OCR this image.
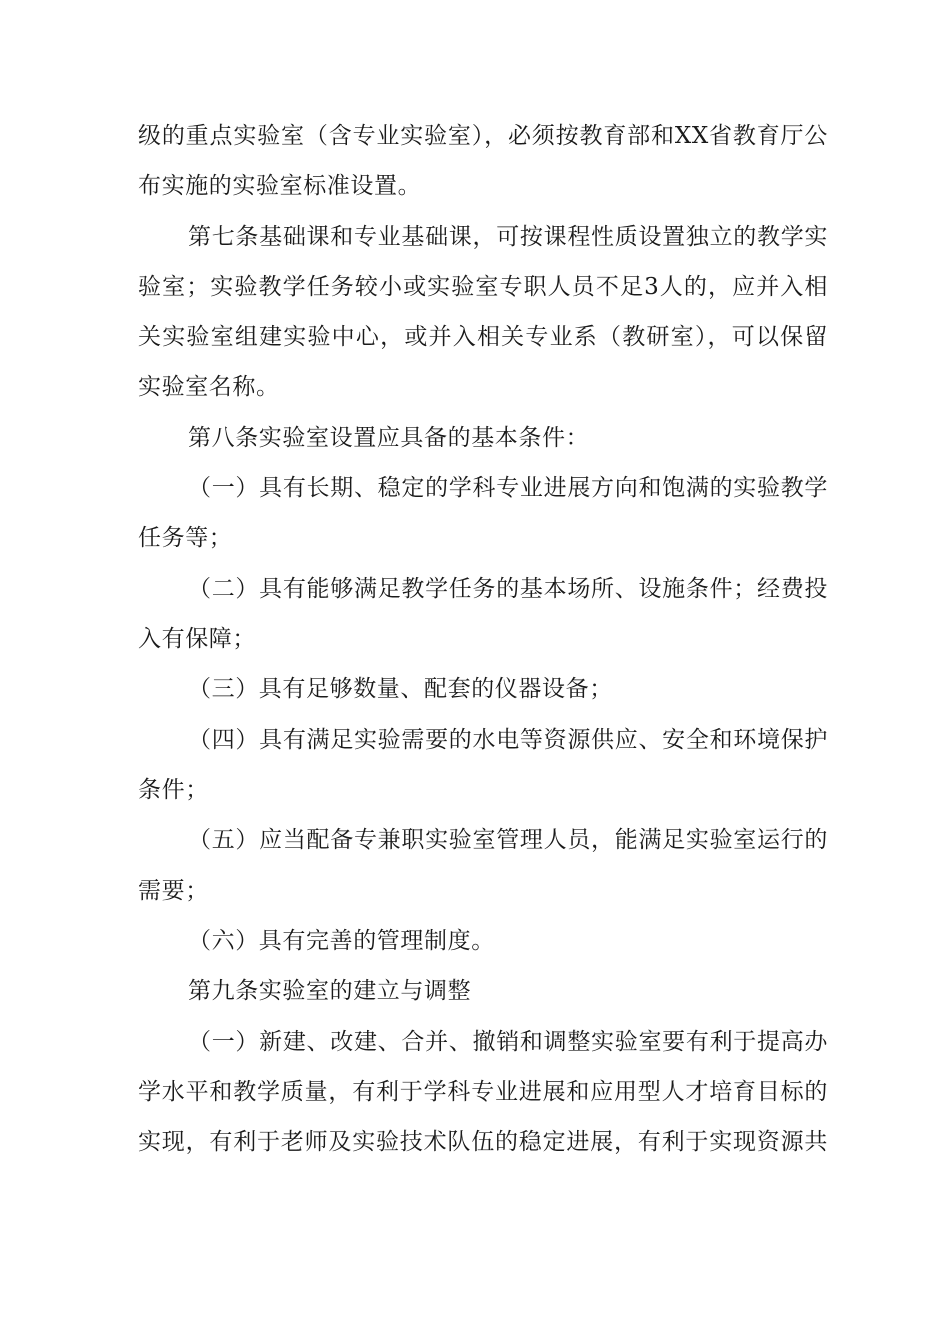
级的重点实验室（含专业实验室），必须按教育部和XX省教育厅公
布实施的实验室标准设置。
第七条基础课和专业基础课，可按课程性质设置独立的教学实
验室；实验教学任务较小或实验室专职人员不足3人的，应并入相
关实验室组建实验中心，或并入相关专业系（教研室），可以保留
实验室名称。
第八条实验室设置应具备的基本条件：
（一）具有长期、稳定的学科专业进展方向和饱满的实验教学
任务等；
（二）具有能够满足教学任务的基本场所、设施条件；经费投
入有保障；
（三）具有足够数量、配套的仪器设备；
（四）具有满足实验需要的水电等资源供应、安全和环境保护
条件；
（五）应当配备专兼职实验室管理人员，能满足实验室运行的
需要；
（六）具有完善的管理制度。
第九条实验室的建立与调整
（一）新建、改建、合并、撤销和调整实验室要有利于提高办
学水平和教学质量，有利于学科专业进展和应用型人才培育目标的
实现，有利于老师及实验技术队伍的稳定进展，有利于实现资源共
